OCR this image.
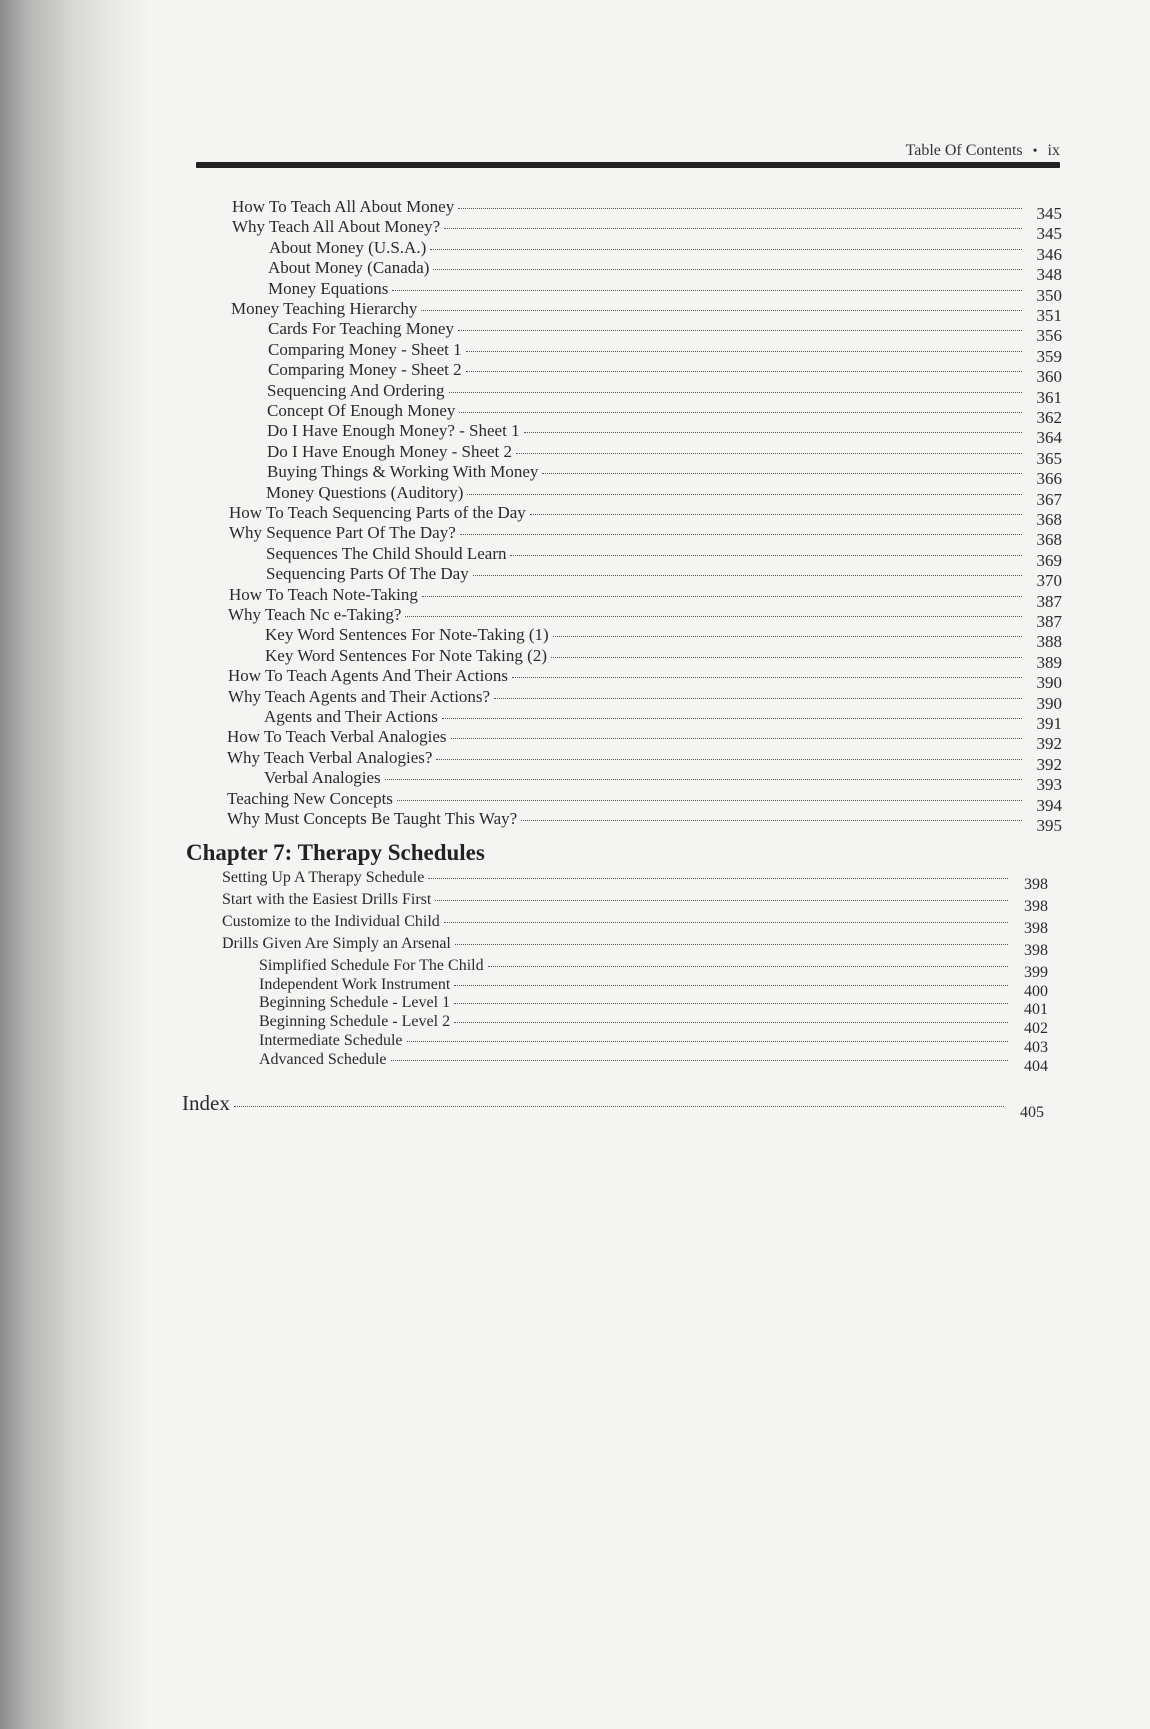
Table Of Contents • ix
Chapter 7: Therapy Schedules
How To Teach All About Money	345
Why Teach All About Money?	345
About Money (U.S.A.)	346
About Money (Canada)	348
Money Equations	350
Money Teaching Hierarchy	351
Cards For Teaching Money	356
Comparing Money - Sheet 1	359
Comparing Money - Sheet 2	360
Sequencing And Ordering	361
Concept Of Enough Money	362
Do I Have Enough Money? - Sheet 1	364
Do I Have Enough Money - Sheet 2	365
Buying Things & Working With Money	366
Money Questions (Auditory)	367
How To Teach Sequencing Parts of the Day	368
Why Sequence Part Of The Day?	368
Sequences The Child Should Learn	369
Sequencing Parts Of The Day	370
How To Teach Note-Taking	387
Why Teach Nc e-Taking?	387
Key Word Sentences For Note-Taking (1)	388
Key Word Sentences For Note Taking (2)	389
How To Teach Agents And Their Actions	390
Why Teach Agents and Their Actions?	390
Agents and Their Actions	391
How To Teach Verbal Analogies	392
Why Teach Verbal Analogies?	392
Verbal Analogies	393
Teaching New Concepts	394
Why Must Concepts Be Taught This Way?	395
Setting Up A Therapy Schedule	398
Start with the Easiest Drills First	398
Customize to the Individual Child	398
Drills Given Are Simply an Arsenal	398
Simplified Schedule For The Child	399
Independent Work Instrument	400
Beginning Schedule - Level 1	401
Beginning Schedule - Level 2	402
Intermediate Schedule	403
Advanced Schedule	404
Index	405
